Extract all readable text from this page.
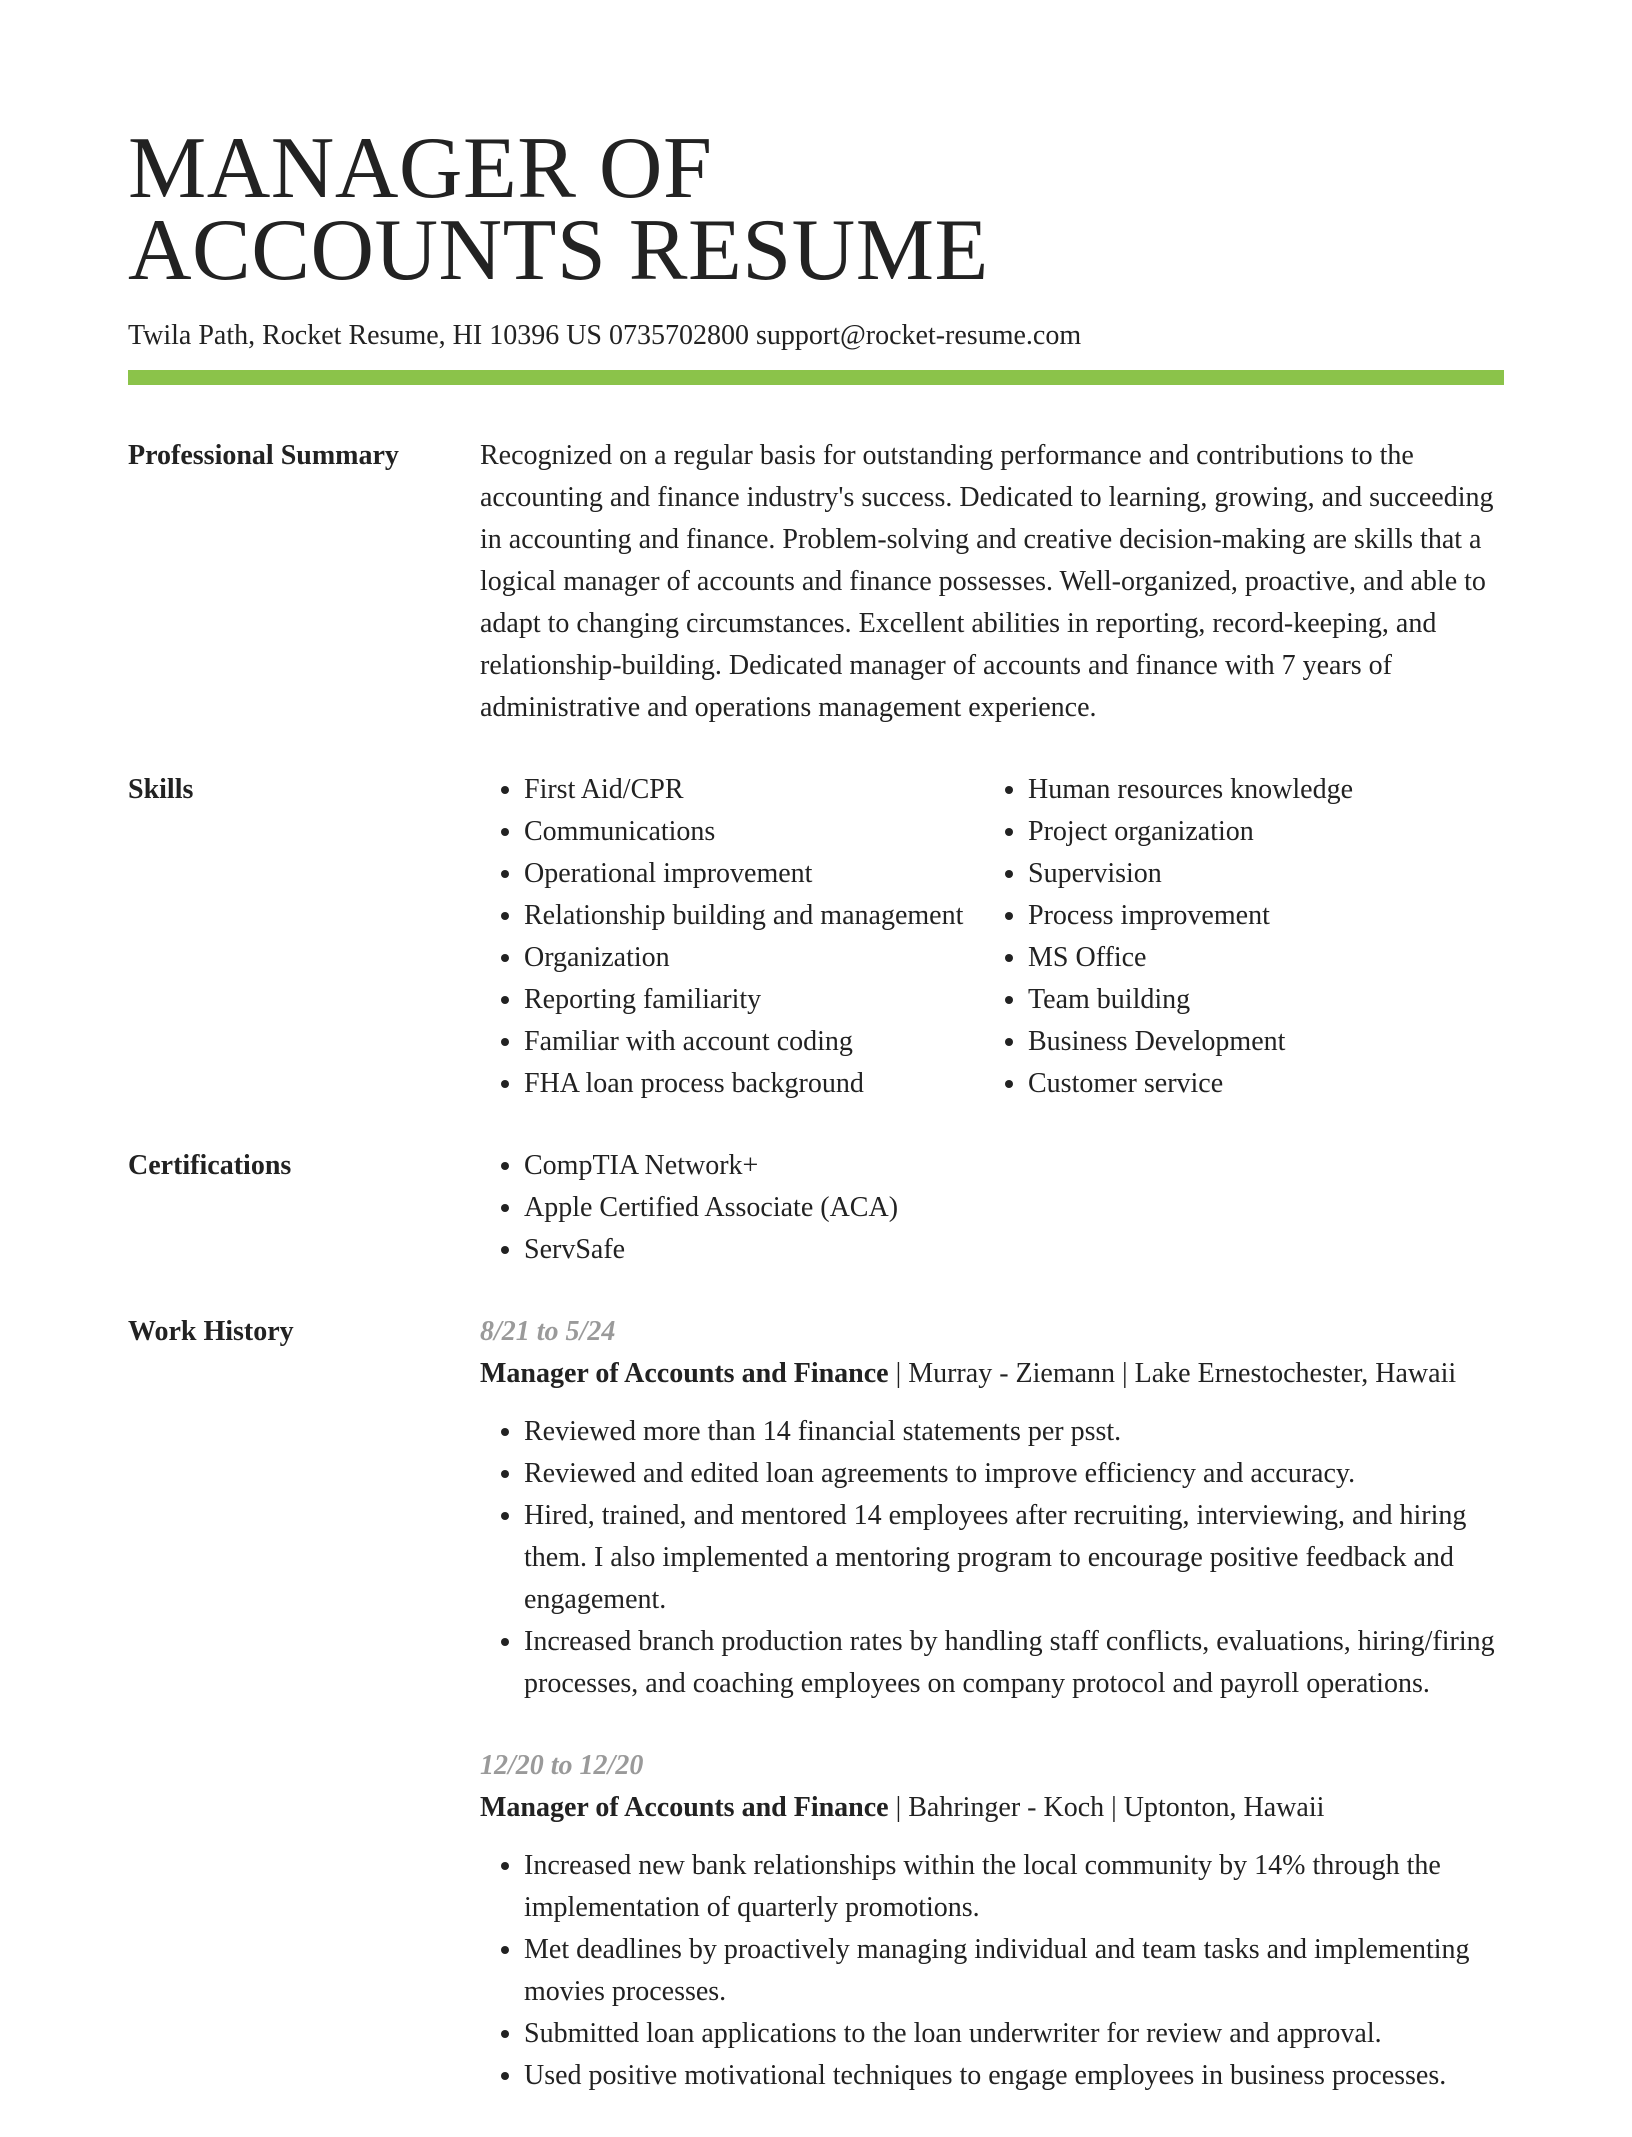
MANAGER OF
ACCOUNTS RESUME
Twila Path, Rocket Resume, HI 10396 US 0735702800 support@rocket-resume.com
Professional Summary	Recognized on a regular basis for outstanding performance and contributions to the accounting and finance industry's success. Dedicated to learning, growing, and succeeding in accounting and finance. Problem-solving and creative decision-making are skills that a logical manager of accounts and finance possesses. Well-organized, proactive, and able to adapt to changing circumstances. Excellent abilities in reporting, record-keeping, and relationship-building. Dedicated manager of accounts and finance with 7 years of administrative and operations management experience.

Skills	• First Aid/CPR
• Communications
• Operational improvement
• Relationship building and management
• Organization
• Reporting familiarity
• Familiar with account coding
• FHA loan process background
• Human resources knowledge
• Project organization
• Supervision
• Process improvement
• MS Office
• Team building
• Business Development
• Customer service
Certifications	• CompTIA Network+
• Apple Certified Associate (ACA)
• ServSafe
Work History	8/21 to 5/24
Manager of Accounts and Finance | Murray - Ziemann | Lake Ernestochester, Hawaii
• Reviewed more than 14 financial statements per psst.
• Reviewed and edited loan agreements to improve efficiency and accuracy.
• Hired, trained, and mentored 14 employees after recruiting, interviewing, and hiring them. I also implemented a mentoring program to encourage positive feedback and engagement.
• Increased branch production rates by handling staff conflicts, evaluations, hiring/firing processes, and coaching employees on company protocol and payroll operations.
12/20 to 12/20
Manager of Accounts and Finance | Bahringer - Koch | Uptonton, Hawaii
• Increased new bank relationships within the local community by 14% through the implementation of quarterly promotions.
• Met deadlines by proactively managing individual and team tasks and implementing movies processes.
• Submitted loan applications to the loan underwriter for review and approval.
• Used positive motivational techniques to engage employees in business processes.
